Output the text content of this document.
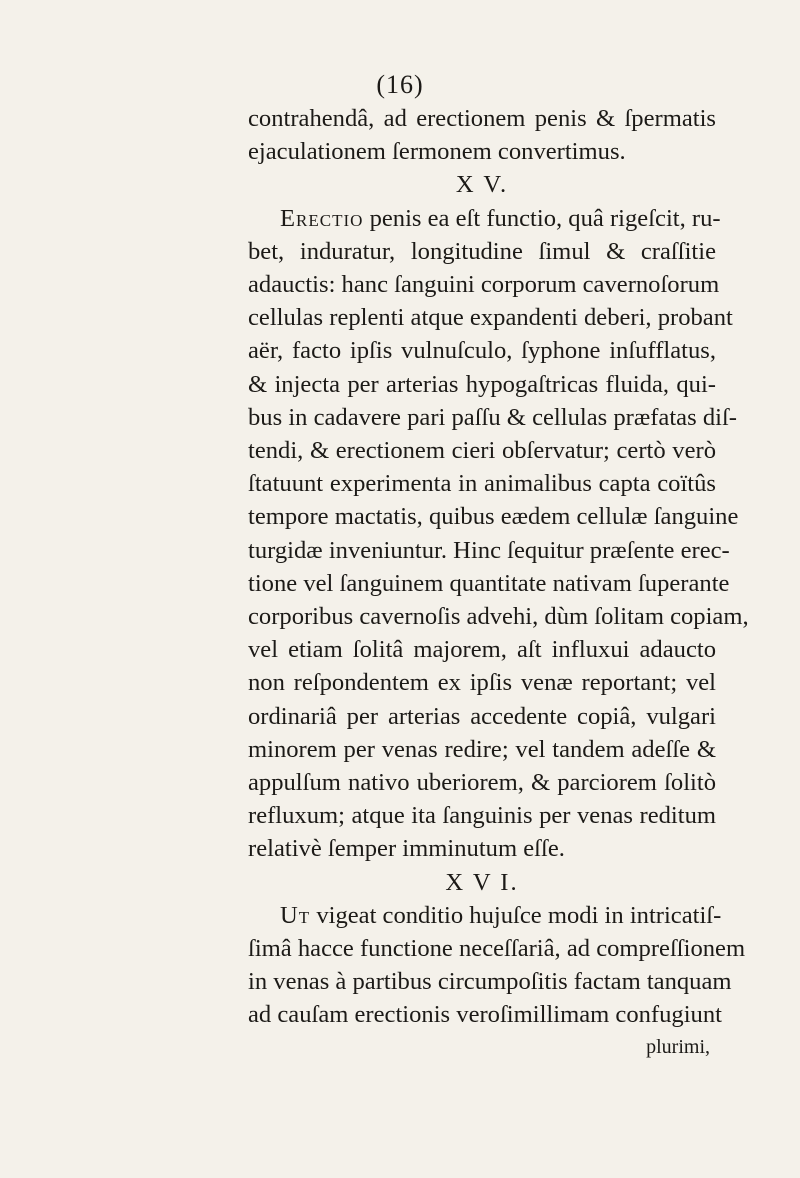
(16)
contrahendâ, ad erectionem penis & ſpermatis
ejaculationem ſermonem convertimus.
X V.
Erectio penis ea eſt functio, quâ rigeſcit, ru-
bet, induratur, longitudine ſimul & craſſitie
adauctis: hanc ſanguini corporum cavernoſorum
cellulas replenti atque expandenti deberi, probant
aër, facto ipſis vulnuſculo, ſyphone inſufflatus,
& injecta per arterias hypogaſtricas fluida, qui-
bus in cadavere pari paſſu & cellulas præfatas diſ-
tendi, & erectionem cieri obſervatur; certò verò
ſtatuunt experimenta in animalibus capta coïtûs
tempore mactatis, quibus eædem cellulæ ſanguine
turgidæ inveniuntur. Hinc ſequitur præſente erec-
tione vel ſanguinem quantitate nativam ſuperante
corporibus cavernoſis advehi, dùm ſolitam copiam,
vel etiam ſolitâ majorem, aſt influxui adaucto
non reſpondentem ex ipſis venæ reportant; vel
ordinariâ per arterias accedente copiâ, vulgari
minorem per venas redire; vel tandem adeſſe &
appulſum nativo uberiorem, & parciorem ſolitò
refluxum; atque ita ſanguinis per venas reditum
relativè ſemper imminutum eſſe.
X V I.
Ut vigeat conditio hujuſce modi in intricatiſ-
ſimâ hacce functione neceſſariâ, ad compreſſionem
in venas à partibus circumpoſitis factam tanquam
ad cauſam erectionis veroſimillimam confugiunt
plurimi,
